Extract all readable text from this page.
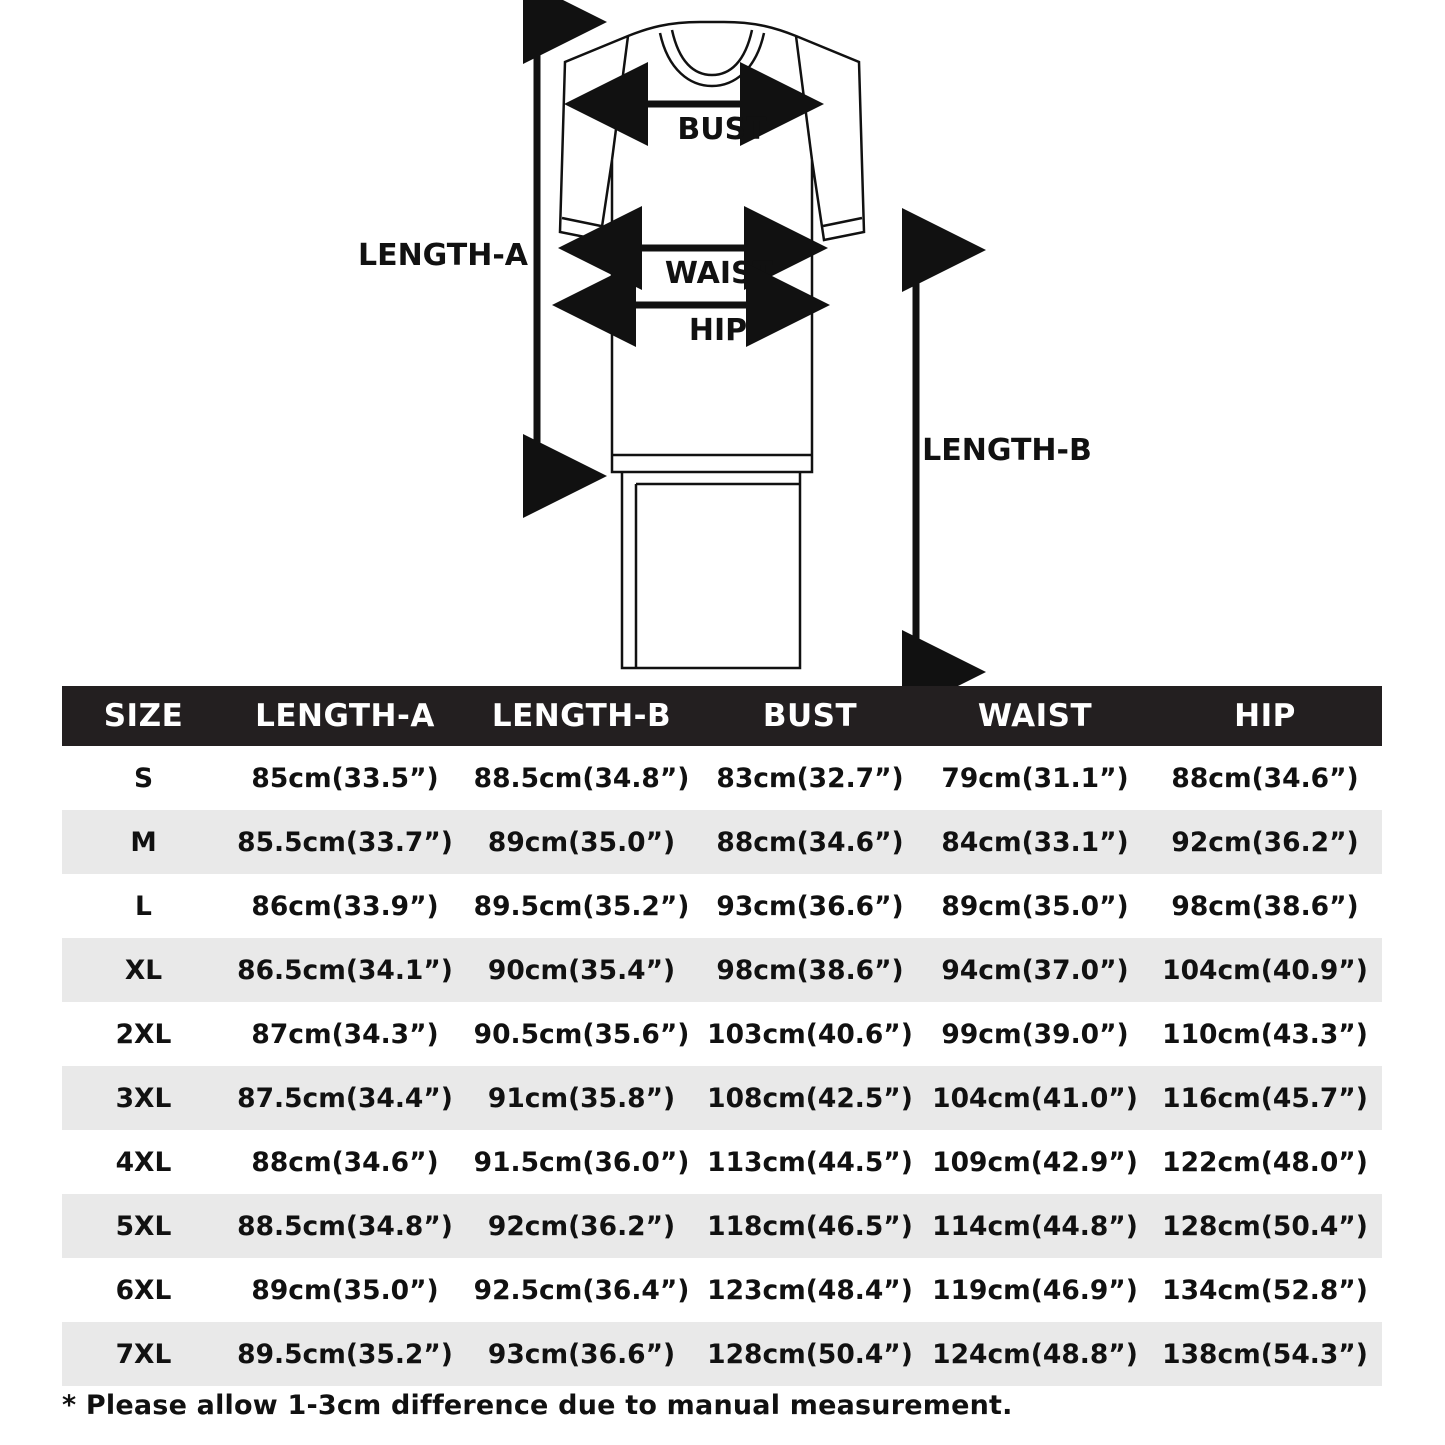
BUST
WAIST
HIP
LENGTH-A
LENGTH-B
SIZE	LENGTH-A	LENGTH-B	BUST	WAIST	HIP
S	85cm(33.5”)	88.5cm(34.8”)	83cm(32.7”)	79cm(31.1”)	88cm(34.6”)
M	85.5cm(33.7”)	89cm(35.0”)	88cm(34.6”)	84cm(33.1”)	92cm(36.2”)
L	86cm(33.9”)	89.5cm(35.2”)	93cm(36.6”)	89cm(35.0”)	98cm(38.6”)
XL	86.5cm(34.1”)	90cm(35.4”)	98cm(38.6”)	94cm(37.0”)	104cm(40.9”)
2XL	87cm(34.3”)	90.5cm(35.6”)	103cm(40.6”)	99cm(39.0”)	110cm(43.3”)
3XL	87.5cm(34.4”)	91cm(35.8”)	108cm(42.5”)	104cm(41.0”)	116cm(45.7”)
4XL	88cm(34.6”)	91.5cm(36.0”)	113cm(44.5”)	109cm(42.9”)	122cm(48.0”)
5XL	88.5cm(34.8”)	92cm(36.2”)	118cm(46.5”)	114cm(44.8”)	128cm(50.4”)
6XL	89cm(35.0”)	92.5cm(36.4”)	123cm(48.4”)	119cm(46.9”)	134cm(52.8”)
7XL	89.5cm(35.2”)	93cm(36.6”)	128cm(50.4”)	124cm(48.8”)	138cm(54.3”)
* Please allow 1-3cm difference due to manual measurement.
